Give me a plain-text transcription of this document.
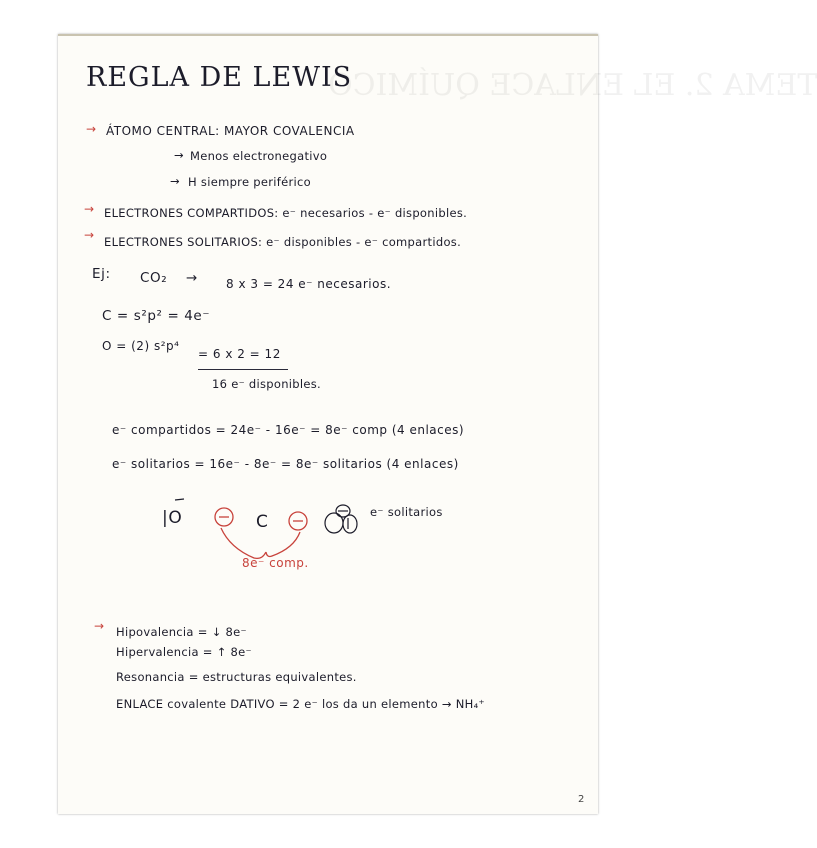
TEMA 2. EL ENLACE QUÍMICO
REGLA DE LEWIS
→ ÁTOMO CENTRAL: MAYOR COVALENCIA
→ Menos electronegativo
→ H siempre periférico
→ ELECTRONES COMPARTIDOS: e⁻ necesarios - e⁻ disponibles.
→ ELECTRONES SOLITARIOS: e⁻ disponibles - e⁻ compartidos.
Ej: CO₂ → 8 x 3 = 24 e⁻ necesarios.
C = s²p² = 4e⁻
O = (2) s²p⁴
= 6 x 2 = 12
16 e⁻ disponibles.
e⁻ compartidos = 24e⁻ - 16e⁻ = 8e⁻ comp (4 enlaces)
e⁻ solitarios = 16e⁻ - 8e⁻ = 8e⁻ solitarios (4 enlaces)
|O	C	e⁻ solitarios
8e⁻ comp.
→ Hipovalencia = ↓ 8e⁻
Hipervalencia = ↑ 8e⁻
Resonancia = estructuras equivalentes.
ENLACE covalente DATIVO = 2 e⁻ los da un elemento → NH₄⁺
2
